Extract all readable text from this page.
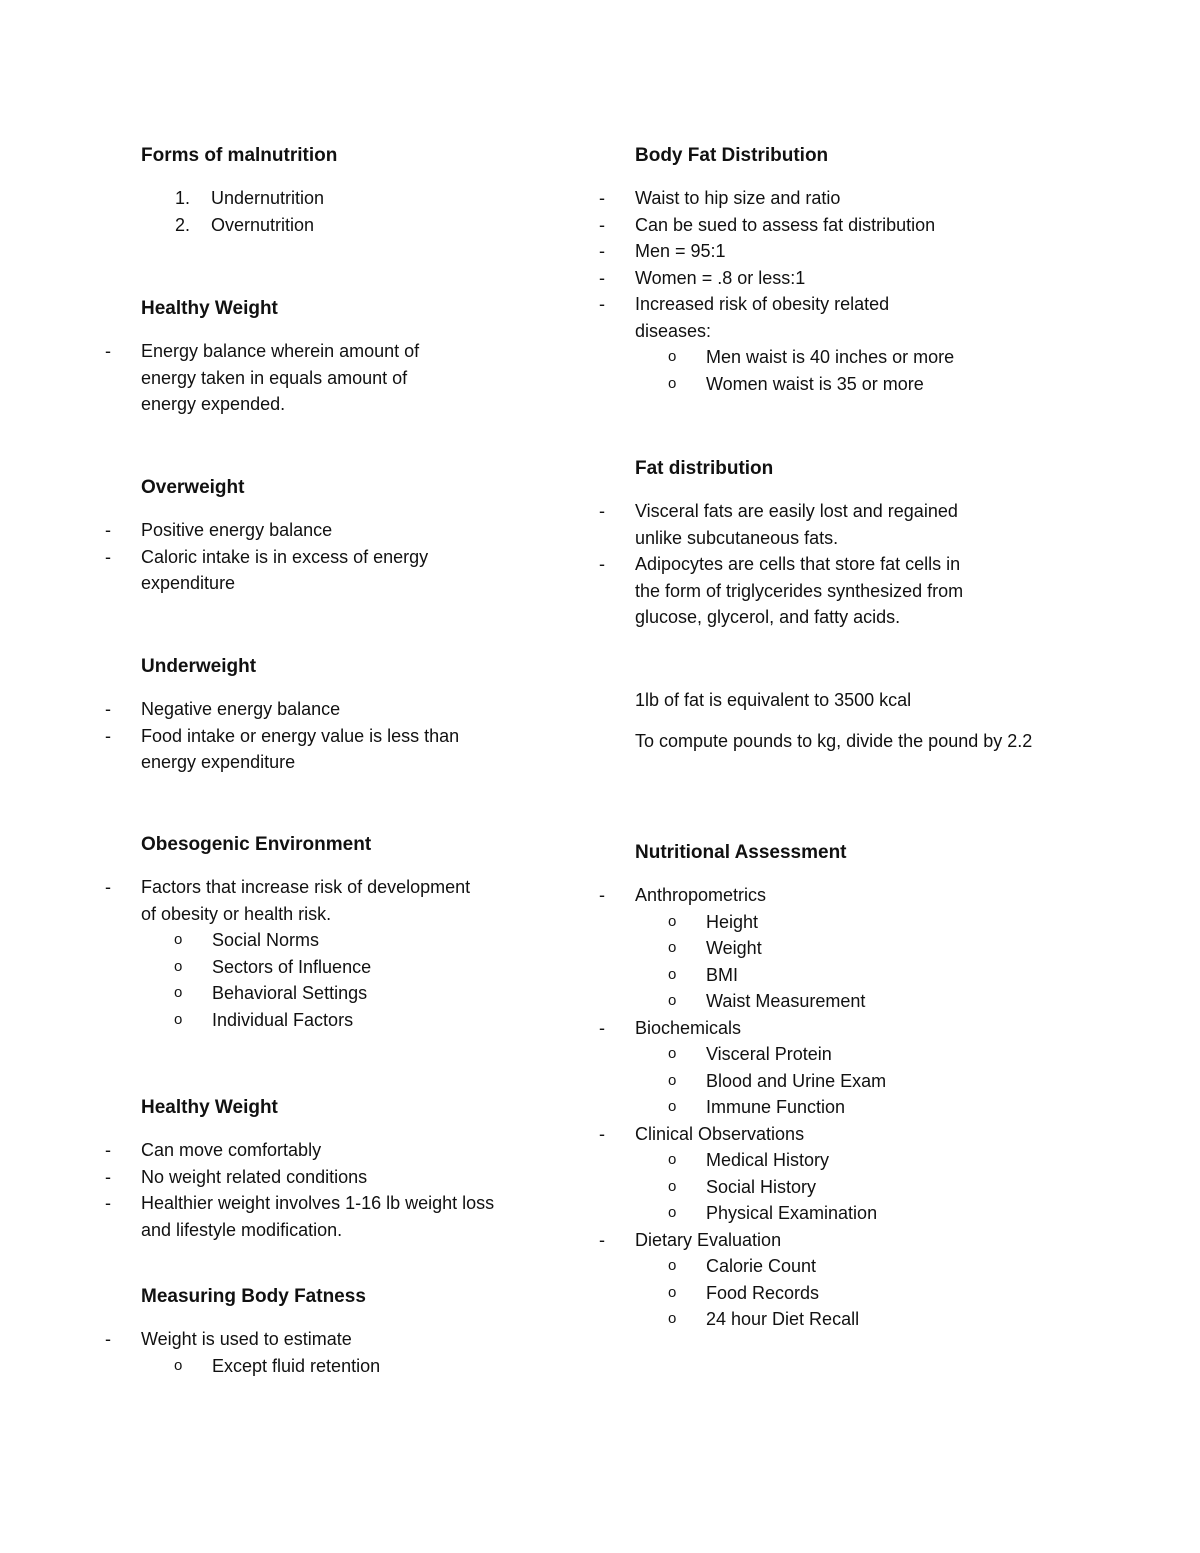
Forms of malnutrition

1. Undernutrition
2. Overnutrition

Healthy Weight

- Energy balance wherein amount of energy taken in equals amount of energy expended.

Overweight

- Positive energy balance
- Caloric intake is in excess of energy expenditure

Underweight

- Negative energy balance
- Food intake or energy value is less than energy expenditure

Obesogenic Environment

- Factors that increase risk of development of obesity or health risk.
o Social Norms
o Sectors of Influence
o Behavioral Settings
o Individual Factors

Healthy Weight

- Can move comfortably
- No weight related conditions
- Healthier weight involves 1-16 lb weight loss and lifestyle modification.

Measuring Body Fatness

- Weight is used to estimate
o Except fluid retention

Body Fat Distribution

- Waist to hip size and ratio
- Can be sued to assess fat distribution
- Men = 95:1
- Women = .8 or less:1
- Increased risk of obesity related diseases:
o Men waist is 40 inches or more
o Women waist is 35 or more

Fat distribution

- Visceral fats are easily lost and regained unlike subcutaneous fats.
- Adipocytes are cells that store fat cells in the form of triglycerides synthesized from glucose, glycerol, and fatty acids.
1lb of fat is equivalent to 3500 kcal
To compute pounds to kg, divide the pound by 2.2

Nutritional Assessment

- Anthropometrics
o Height
o Weight
o BMI
o Waist Measurement
- Biochemicals
o Visceral Protein
o Blood and Urine Exam
o Immune Function
- Clinical Observations
o Medical History
o Social History
o Physical Examination
- Dietary Evaluation
o Calorie Count
o Food Records
o 24 hour Diet Recall
